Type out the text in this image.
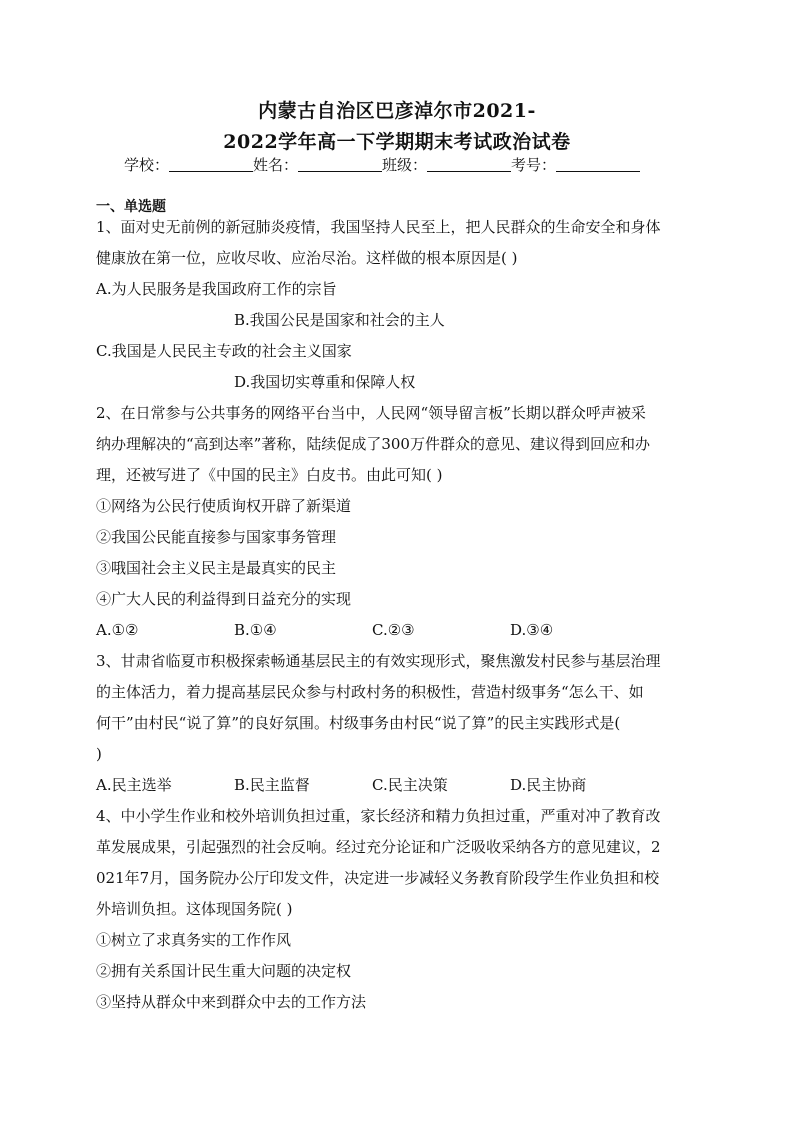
内蒙古自治区巴彦淖尔市2021-
2022学年高一下学期期末考试政治试卷
学校：	姓名：	班级：	考号：
一、单选题

1、面对史无前例的新冠肺炎疫情，我国坚持人民至上，把人民群众的生命安全和身体

健康放在第一位，应收尽收、应治尽治。这样做的根本原因是( )

A.为人民服务是我国政府工作的宗旨

B.我国公民是国家和社会的主人

C.我国是人民民主专政的社会主义国家

D.我国切实尊重和保障人权

2、在日常参与公共事务的网络平台当中，人民网“领导留言板”长期以群众呼声被采

纳办理解决的“高到达率”著称，陆续促成了300万件群众的意见、建议得到回应和办

理，还被写进了《中国的民主》白皮书。由此可知( )

①网络为公民行使质询权开辟了新渠道

②我国公民能直接参与国家事务管理

③哦国社会主义民主是最真实的民主

④广大人民的利益得到日益充分的实现

A.①②	B.①④	C.②③	D.③④

3、甘肃省临夏市积极探索畅通基层民主的有效实现形式，聚焦激发村民参与基层治理

的主体活力，着力提高基层民众参与村政村务的积极性，营造村级事务“怎么干、如

何干”由村民“说了算”的良好氛围。村级事务由村民“说了算”的民主实践形式是(

)

A.民主选举	B.民主监督	C.民主决策	D.民主协商

4、中小学生作业和校外培训负担过重，家长经济和精力负担过重，严重对冲了教育改

革发展成果，引起强烈的社会反响。经过充分论证和广泛吸收采纳各方的意见建议，2

021年7月，国务院办公厅印发文件，决定进一步减轻义务教育阶段学生作业负担和校

外培训负担。这体现国务院( )

①树立了求真务实的工作作风

②拥有关系国计民生重大问题的决定权

③坚持从群众中来到群众中去的工作方法
